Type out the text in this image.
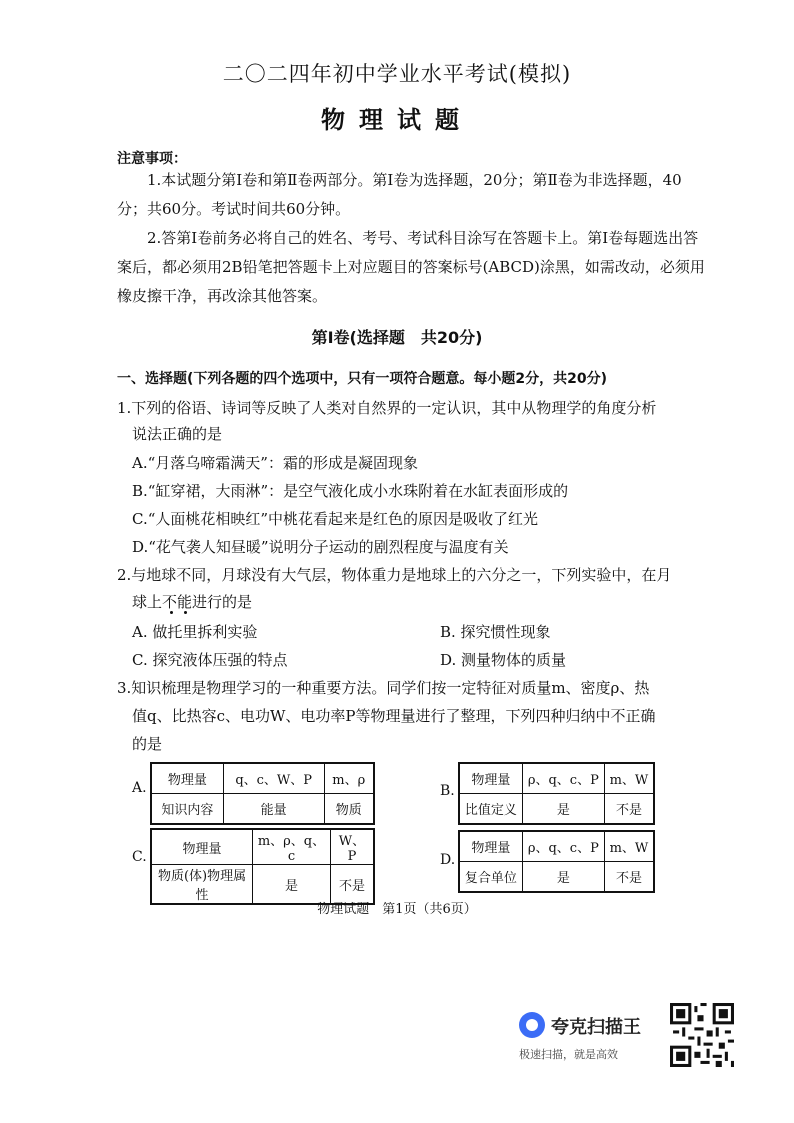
二〇二四年初中学业水平考试(模拟)
物理试题
注意事项：
1.本试题分第Ⅰ卷和第Ⅱ卷两部分。第Ⅰ卷为选择题，20分；第Ⅱ卷为非选择题，40分；共60分。考试时间共60分钟。
2.答第Ⅰ卷前务必将自己的姓名、考号、考试科目涂写在答题卡上。第Ⅰ卷每题选出答案后，都必须用2B铅笔把答题卡上对应题目的答案标号(ABCD)涂黑，如需改动，必须用橡皮擦干净，再改涂其他答案。
第Ⅰ卷(选择题　共20分)
一、选择题(下列各题的四个选项中，只有一项符合题意。每小题2分，共20分)
1.下列的俗语、诗词等反映了人类对自然界的一定认识，其中从物理学的角度分析
说法正确的是
A.“月落乌啼霜满天”：霜的形成是凝固现象
B.“缸穿裙，大雨淋”：是空气液化成小水珠附着在水缸表面形成的
C.“人面桃花相映红”中桃花看起来是红色的原因是吸收了红光
D.“花气袭人知昼暖”说明分子运动的剧烈程度与温度有关
2.与地球不同，月球没有大气层，物体重力是地球上的六分之一，下列实验中，在月
球上不能进行的是
A. 做托里拆利实验	B. 探究惯性现象
C. 探究液体压强的特点	D. 测量物体的质量
3.知识梳理是物理学习的一种重要方法。同学们按一定特征对质量m、密度ρ、热
值q、比热容c、电功W、电功率P等物理量进行了整理，下列四种归纳中不正确
的是
A. 物理量	q、c、W、P	m、ρ
知识内容	能量	物质
B.
物理量	ρ、q、c、P	m、W
比值定义	是	不是
C.	物理量	m、ρ、q、c	W、P
物质(体)物理属性	是	不是
D.
物理量	ρ、q、c、P	m、W
复合单位	是	不是
物理试题　第1页（共6页）
夸克扫描王
极速扫描，就是高效
